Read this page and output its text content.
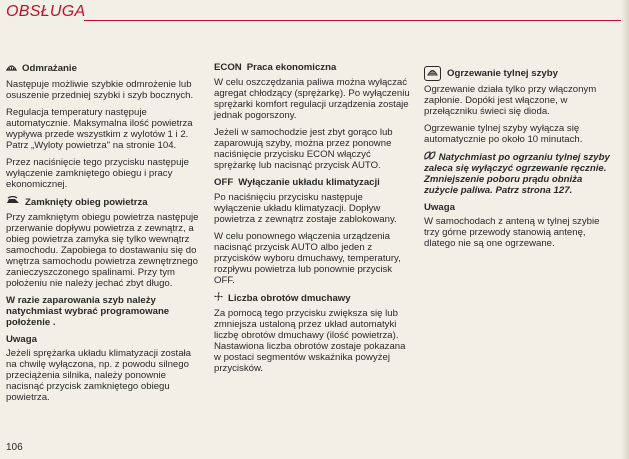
OBSŁUGA
Odmrażanie

Następuje możliwie szybkie odmrożenie lub osuszenie przedniej szybki i szyb bocznych.

Regulacja temperatury następuje automatycznie. Maksymalna ilość powietrza wypływa przede wszystkim z wylotów 1 i 2. Patrz „Wyloty powietrza" na stronie 104.

Przez naciśnięcie tego przycisku następuje wyłączenie zamkniętego obiegu i pracy ekonomicznej.

Zamknięty obieg powietrza

Przy zamkniętym obiegu powietrza następuje przerwanie dopływu powietrza z zewnątrz, a obieg powietrza zamyka się tylko wewnątrz samochodu. Zapobiega to dostawaniu się do wnętrza samochodu powietrza zewnętrznego zanieczyszczonego spalinami. Przy tym położeniu nie należy jechać zbyt długo.

W razie zaparowania szyb należy natychmiast wybrać programowane położenie .

Uwaga

Jeżeli sprężarka układu klimatyzacji została na chwilę wyłączona, np. z powodu silnego przeciążenia silnika, należy ponownie nacisnąć przycisk zamkniętego obiegu powietrza.

ECON Praca ekonomiczna

W celu oszczędzania paliwa można wyłączać agregat chłodzący (sprężarkę). Po wyłączeniu sprężarki komfort regulacji urządzenia zostaje jednak pogorszony.

Jeżeli w samochodzie jest zbyt gorąco lub zaparowują szyby, można przez ponowne naciśnięcie przycisku ECON włączyć sprężarkę lub nacisnąć przycisk AUTO.

OFF Wyłączanie układu klimatyzacji

Po naciśnięciu przycisku następuje wyłączenie układu klimatyzacji. Dopływ powietrza z zewnątrz zostaje zablokowany.

W celu ponownego włączenia urządzenia nacisnąć przycisk AUTO albo jeden z przycisków wyboru dmuchawy, temperatury, rozpływu powietrza lub ponownie przycisk OFF.

Liczba obrotów dmuchawy

Za pomocą tego przycisku zwiększa się lub zmniejsza ustaloną przez układ automatyki liczbę obrotów dmuchawy (ilość powietrza). Nastawiona liczba obrotów zostaje pokazana w postaci segmentów wskaźnika powyżej przycisków.

Ogrzewanie tylnej szyby

Ogrzewanie działa tylko przy włączonym zapłonie. Dopóki jest włączone, w przełączniku świeci się dioda.

Ogrzewanie tylnej szyby wyłącza się automatycznie po około 10 minutach.

Natychmiast po ogrzaniu tylnej szyby zaleca się wyłączyć ogrzewanie ręcznie. Zmniejszenie poboru prądu obniża zużycie paliwa. Patrz strona 127.

Uwaga

W samochodach z anteną w tylnej szybie trzy górne przewody stanowią antenę, dlatego nie są one ogrzewane.

106
